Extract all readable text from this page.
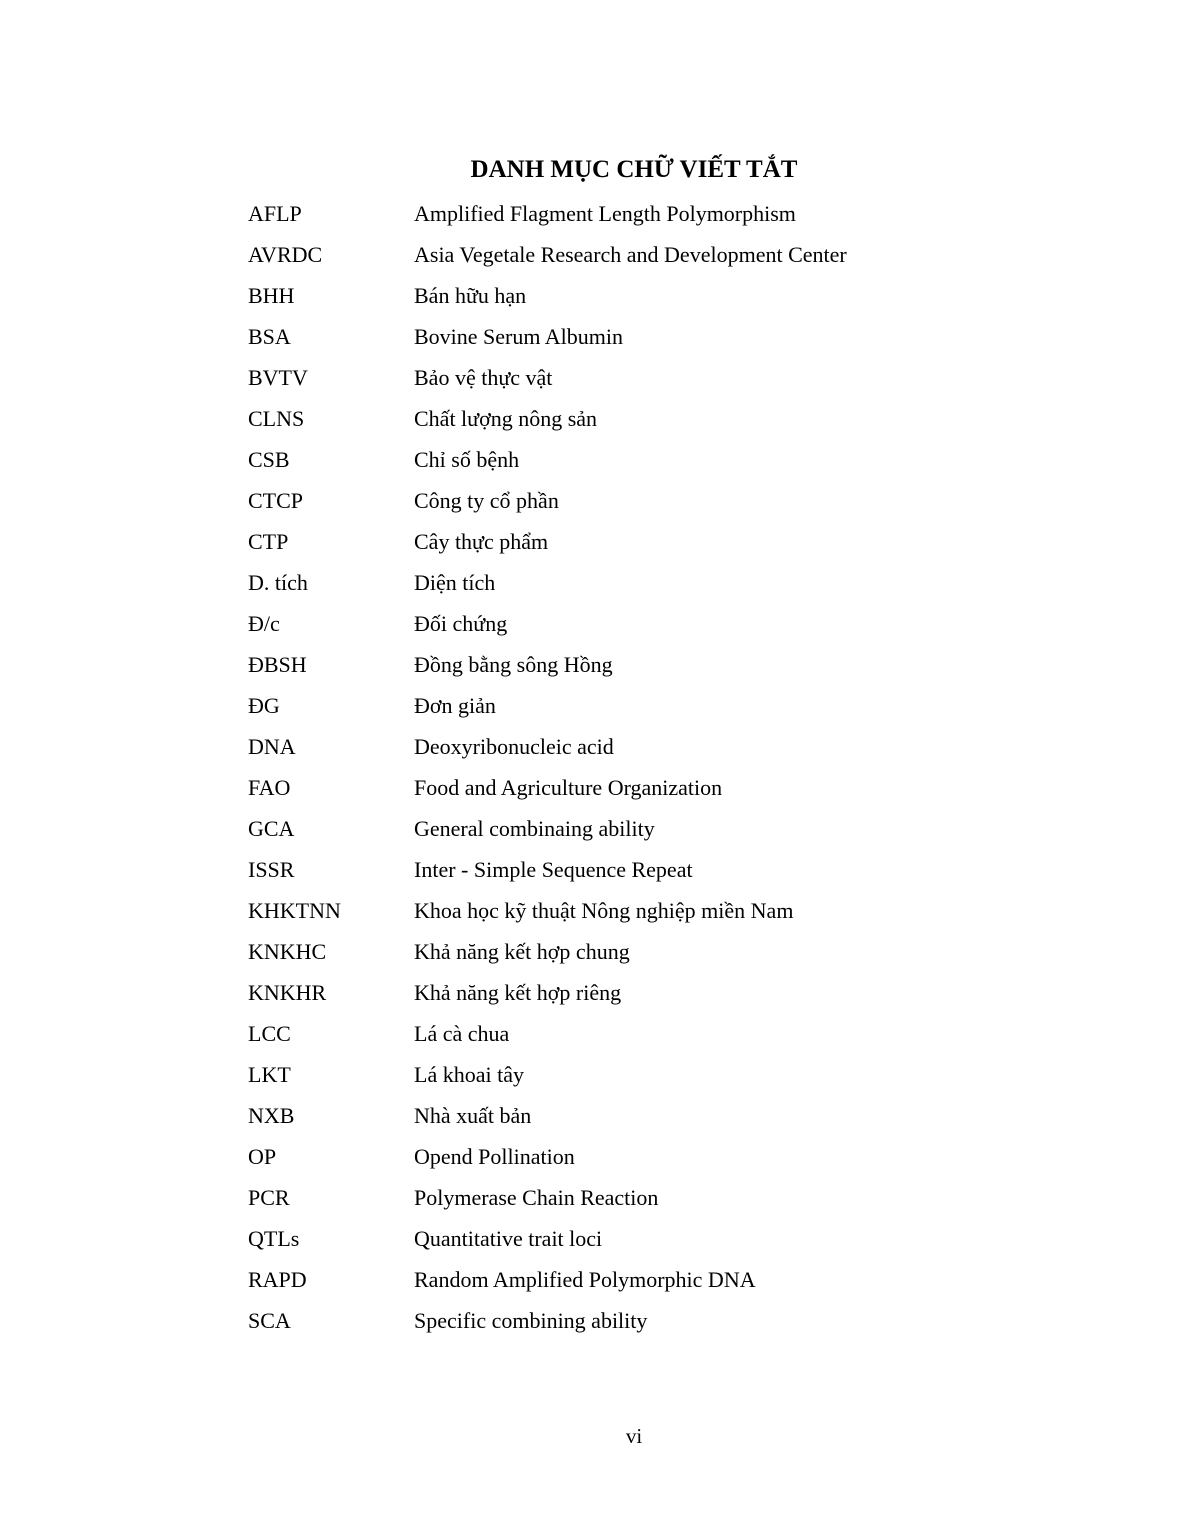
DANH MỤC CHỮ VIẾT TẮT
AFLP	Amplified Flagment Length Polymorphism
AVRDC	Asia Vegetale Research and Development Center
BHH	Bán hữu hạn
BSA	Bovine Serum Albumin
BVTV	Bảo vệ thực vật
CLNS	Chất lượng nông sản
CSB	Chỉ số bệnh
CTCP	Công ty cổ phần
CTP	Cây thực phẩm
D. tích	Diện tích
Đ/c	Đối chứng
ĐBSH	Đồng bằng sông Hồng
ĐG	Đơn giản
DNA	Deoxyribonucleic acid
FAO	Food and Agriculture Organization
GCA	General combinaing ability
ISSR	Inter - Simple Sequence Repeat
KHKTNN	Khoa học kỹ thuật Nông nghiệp miền Nam
KNKHC	Khả năng kết hợp chung
KNKHR	Khả năng kết hợp riêng
LCC	Lá cà chua
LKT	Lá khoai tây
NXB	Nhà xuất bản
OP	Opend Pollination
PCR	Polymerase Chain Reaction
QTLs	Quantitative trait loci
RAPD	Random Amplified Polymorphic DNA
SCA	Specific combining ability
vi
